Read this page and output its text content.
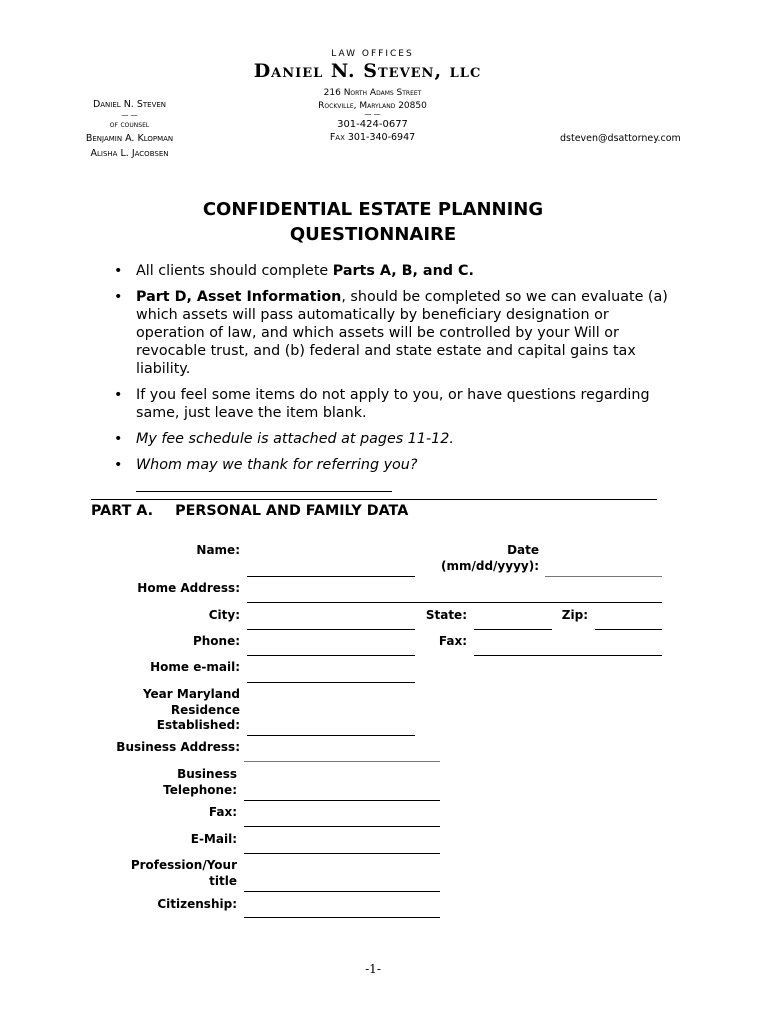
LAW OFFICES
Daniel N. Steven, llc
216 North Adams Street
Rockville, Maryland 20850
— —
301-424-0677
Fax 301-340-6947
Daniel N. Steven
— —
of counsel
Benjamin A. Klopman
Alisha L. Jacobsen
dsteven@dsattorney.com
CONFIDENTIAL ESTATE PLANNING
QUESTIONNAIRE
• All clients should complete Parts A, B, and C.
• Part D, Asset Information, should be completed so we can evaluate (a) which assets will pass automatically by beneficiary designation or operation of law, and which assets will be controlled by your Will or revocable trust, and (b) federal and state estate and capital gains tax liability.
• If you feel some items do not apply to you, or have questions regarding same, just leave the item blank.
• My fee schedule is attached at pages 11-12.
• Whom may we thank for referring you?
PART A. PERSONAL AND FAMILY DATA
Name:	Date
(mm/dd/yyyy):
Home Address:
City:	State:	Zip:
Phone:	Fax:
Home e-mail:
Year Maryland
Residence
Established:
Business Address:
Business
Telephone:
Fax:
E-Mail:
Profession/Your
title
Citizenship:
-1-
